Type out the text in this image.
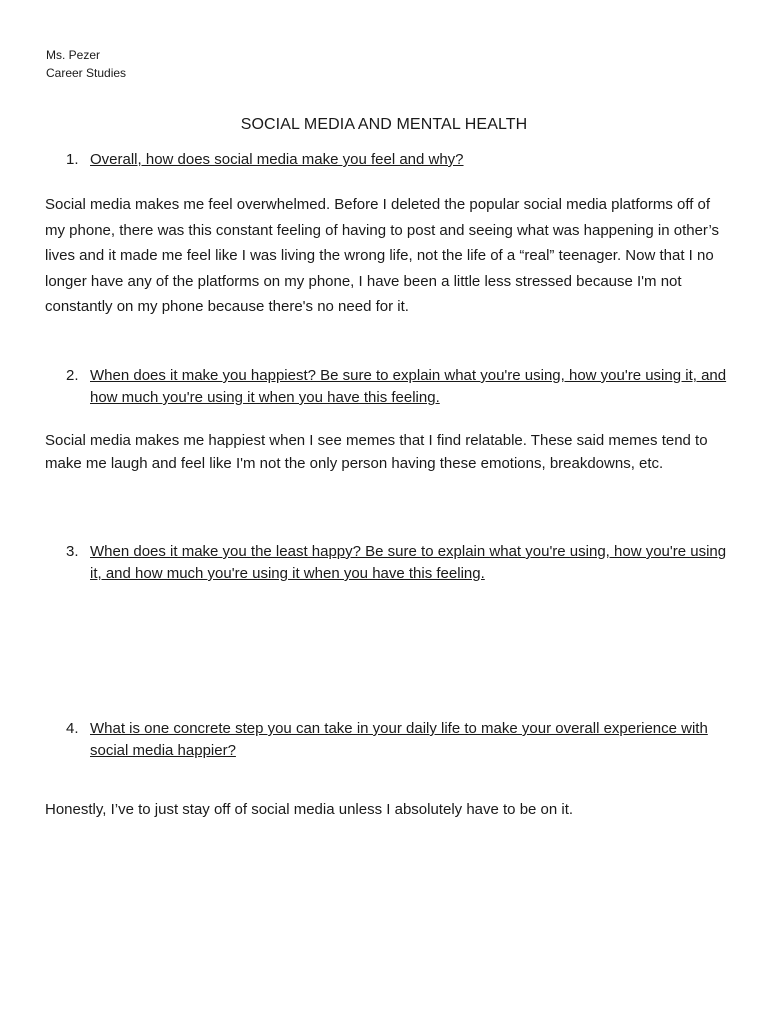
Ms. Pezer
Career Studies
SOCIAL MEDIA AND MENTAL HEALTH
1. Overall, how does social media make you feel and why?
Social media makes me feel overwhelmed. Before I deleted the popular social media platforms off of my phone, there was this constant feeling of having to post and seeing what was happening in other’s lives and it made me feel like I was living the wrong life, not the life of a “real” teenager. Now that I no longer have any of the platforms on my phone, I have been a little less stressed because I'm not constantly on my phone because there's no need for it.
2. When does it make you happiest? Be sure to explain what you're using, how you're using it, and how much you're using it when you have this feeling.
Social media makes me happiest when I see memes that I find relatable. These said memes tend to make me laugh and feel like I'm not the only person having these emotions, breakdowns, etc.
3. When does it make you the least happy? Be sure to explain what you're using, how you're using it, and how much you're using it when you have this feeling.
4. What is one concrete step you can take in your daily life to make your overall experience with social media happier?
Honestly, I’ve to just stay off of social media unless I absolutely have to be on it.
